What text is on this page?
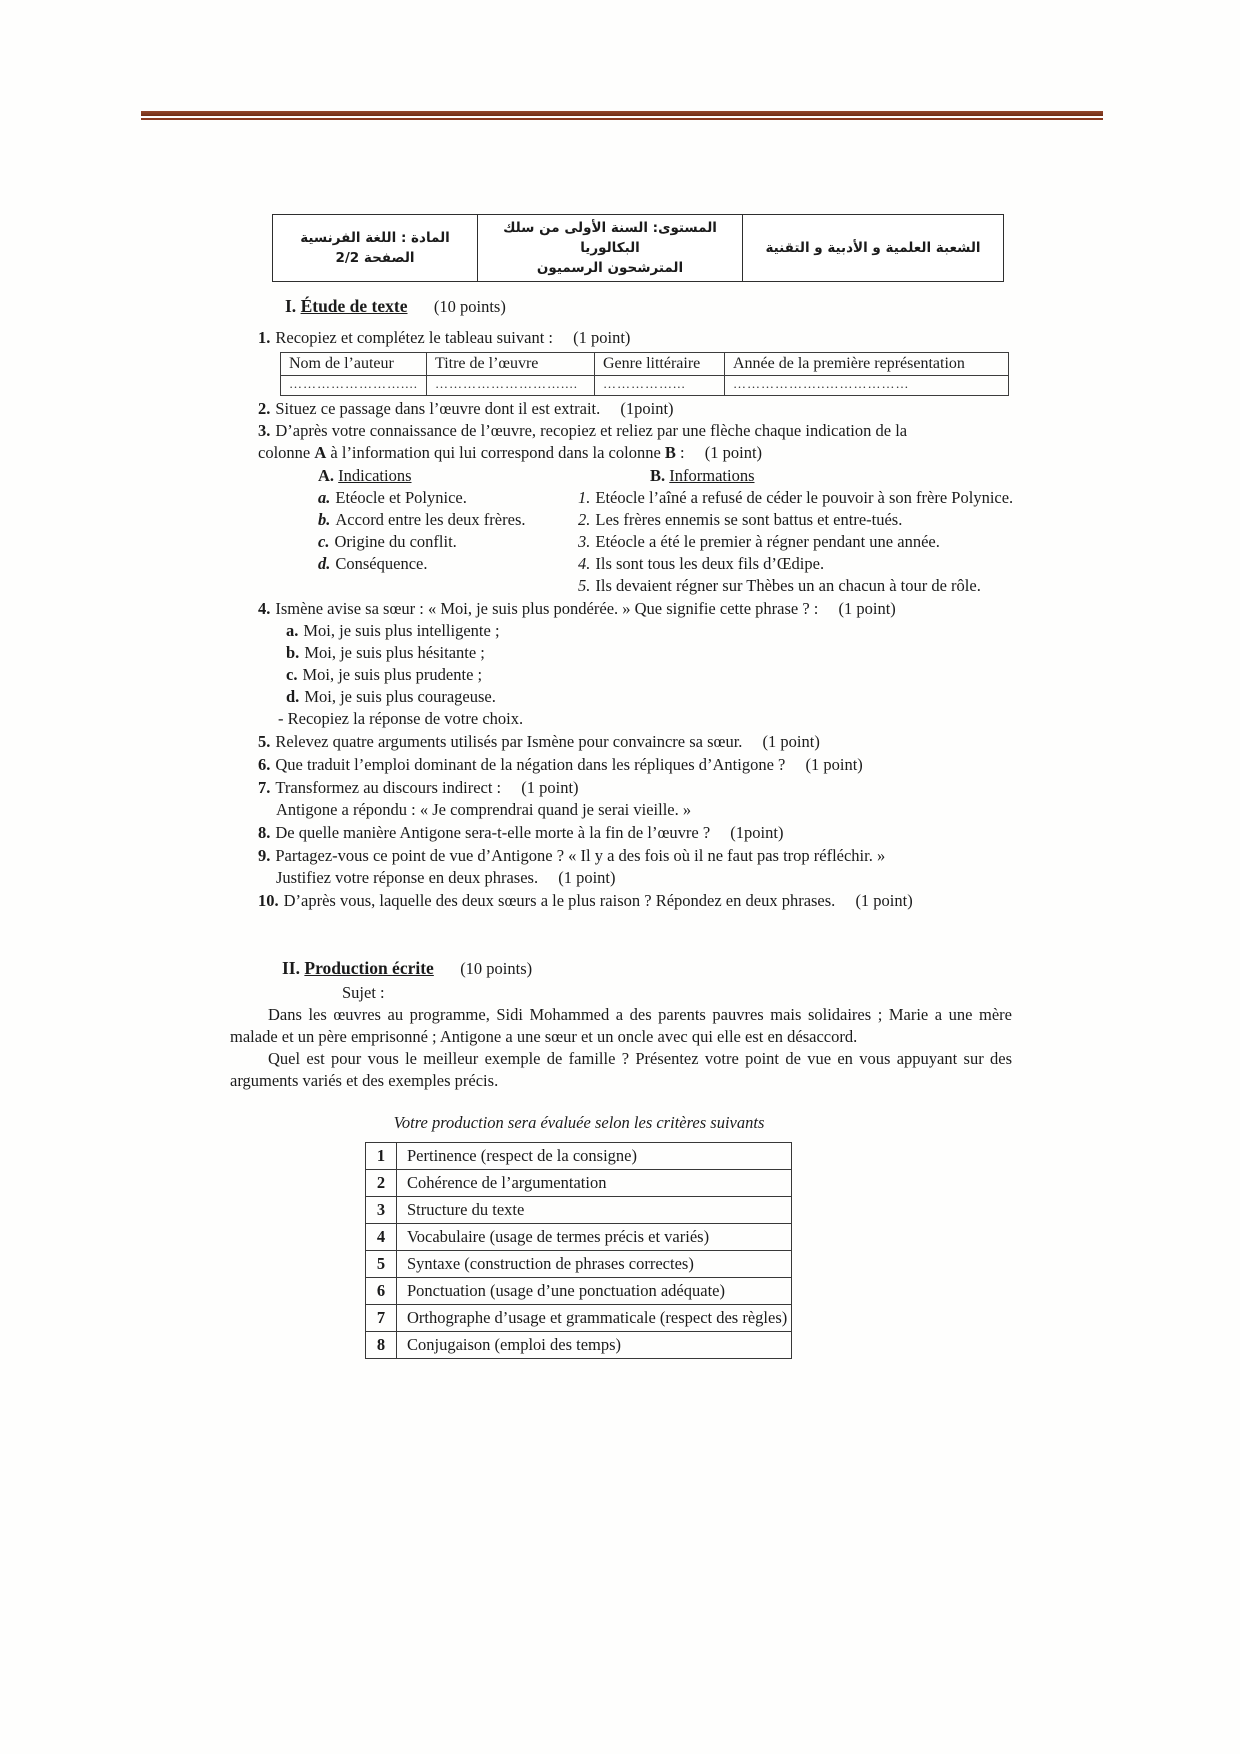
المادة : اللغة الفرنسية
الصفحة 2/2
المستوى: السنة الأولى من سلك البكالوريا
المترشحون الرسميون
الشعبة العلمية و الأدبية و التقنية
I. Étude de texte (10 points)
1. Recopiez et complétez le tableau suivant : (1 point)
Nom de l’auteur	Titre de l’œuvre	Genre littéraire	Année de la première représentation
……………………....	………………………....	……………...	………………..………………
2. Situez ce passage dans l’œuvre dont il est extrait. (1point)
3. D’après votre connaissance de l’œuvre, recopiez et reliez par une flèche chaque indication de la
colonne A à l’information qui lui correspond dans la colonne B : (1 point)
A. Indications	B. Informations
a. Etéocle et Polynice.	1. Etéocle l’aîné a refusé de céder le pouvoir à son frère Polynice.
b. Accord entre les deux frères.	2. Les frères ennemis se sont battus et entre-tués.
c. Origine du conflit.	3. Etéocle a été le premier à régner pendant une année.
d. Conséquence.	4. Ils sont tous les deux fils d’Œdipe.
5. Ils devaient régner sur Thèbes un an chacun à tour de rôle.
4. Ismène avise sa sœur : « Moi, je suis plus pondérée. » Que signifie cette phrase ? : (1 point)
a. Moi, je suis plus intelligente ;
b. Moi, je suis plus hésitante ;
c. Moi, je suis plus prudente ;
d. Moi, je suis plus courageuse.
- Recopiez la réponse de votre choix.
5. Relevez quatre arguments utilisés par Ismène pour convaincre sa sœur. (1 point)
6. Que traduit l’emploi dominant de la négation dans les répliques d’Antigone ? (1 point)
7. Transformez au discours indirect : (1 point)
Antigone a répondu : « Je comprendrai quand je serai vieille. »
8. De quelle manière Antigone sera-t-elle morte à la fin de l’œuvre ? (1point)
9. Partagez-vous ce point de vue d’Antigone ? « Il y a des fois où il ne faut pas trop réfléchir. »
Justifiez votre réponse en deux phrases. (1 point)
10. D’après vous, laquelle des deux sœurs a le plus raison ? Répondez en deux phrases. (1 point)
II. Production écrite (10 points)
Sujet :
Dans les œuvres au programme, Sidi Mohammed a des parents pauvres mais solidaires ; Marie a une mère malade et un père emprisonné ; Antigone a une sœur et un oncle avec qui elle est en désaccord.
Quel est pour vous le meilleur exemple de famille ? Présentez votre point de vue en vous appuyant sur des arguments variés et des exemples précis.
Votre production sera évaluée selon les critères suivants
1	Pertinence (respect de la consigne)
2	Cohérence de l’argumentation
3	Structure du texte
4	Vocabulaire (usage de termes précis et variés)
5	Syntaxe (construction de phrases correctes)
6	Ponctuation (usage d’une ponctuation adéquate)
7	Orthographe d’usage et grammaticale (respect des règles)
8	Conjugaison (emploi des temps)
